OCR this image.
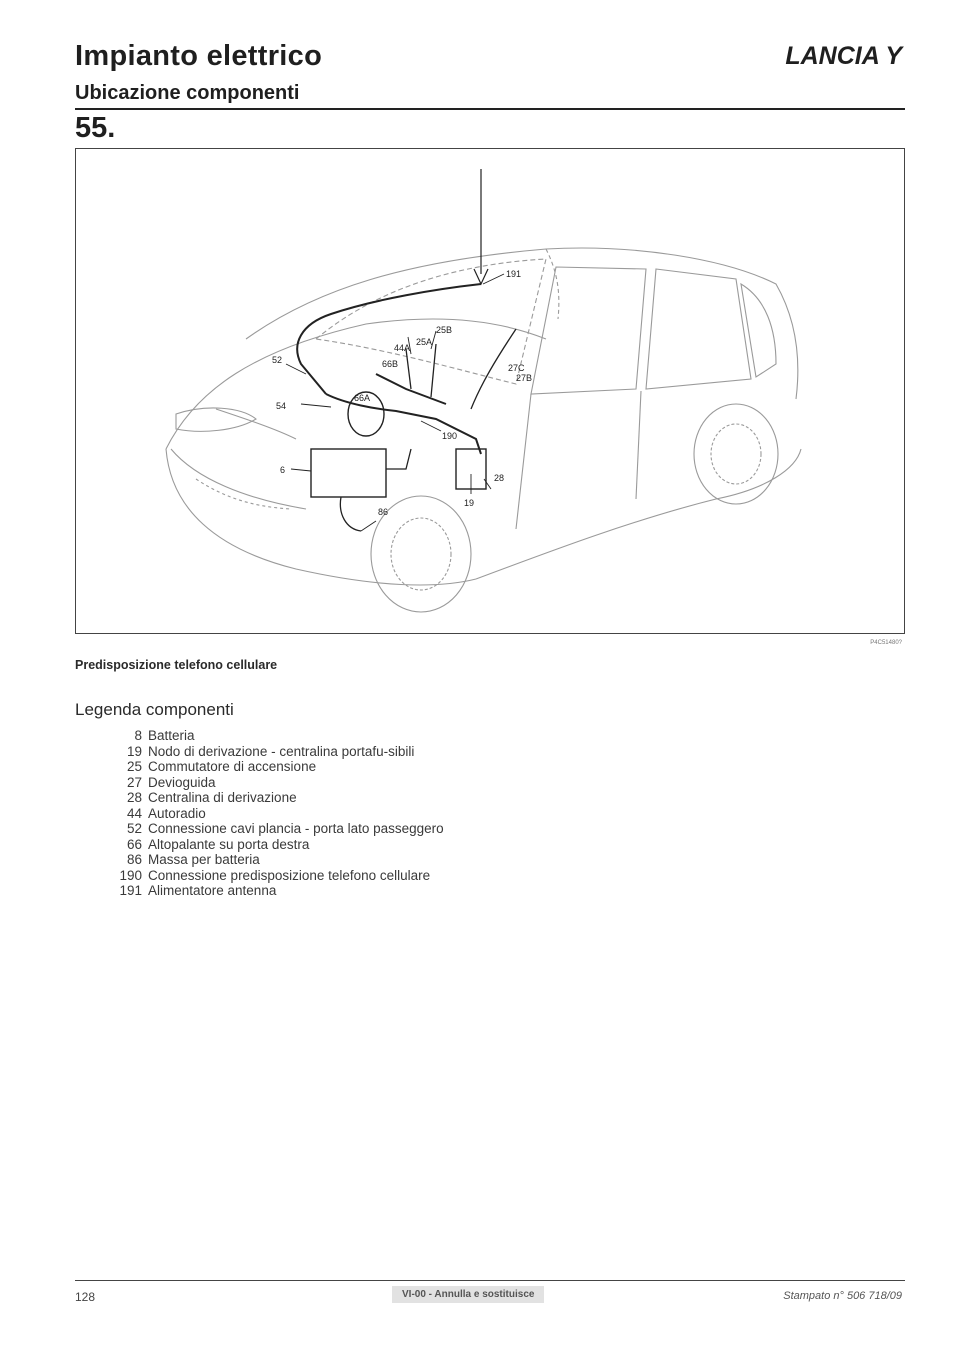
Impianto elettrico	LANCIA Y
Ubicazione componenti
55.
191
25B
44A
25A
66B	27C
27B
52
66A
54
190
6
19
28
86
P4C51480?
Predisposizione telefono cellulare
Legenda componenti
8 Batteria
19 Nodo di derivazione - centralina portafu-sibili
25 Commutatore di accensione
27 Devioguida
28 Centralina di derivazione
44 Autoradio
52 Connessione cavi plancia - porta lato passeggero
66 Altopalante su porta destra
86 Massa per batteria
190 Connessione predisposizione telefono cellulare
191 Alimentatore antenna
128	VI-00 - Annulla e sostituisce	Stampato n° 506 718/09
